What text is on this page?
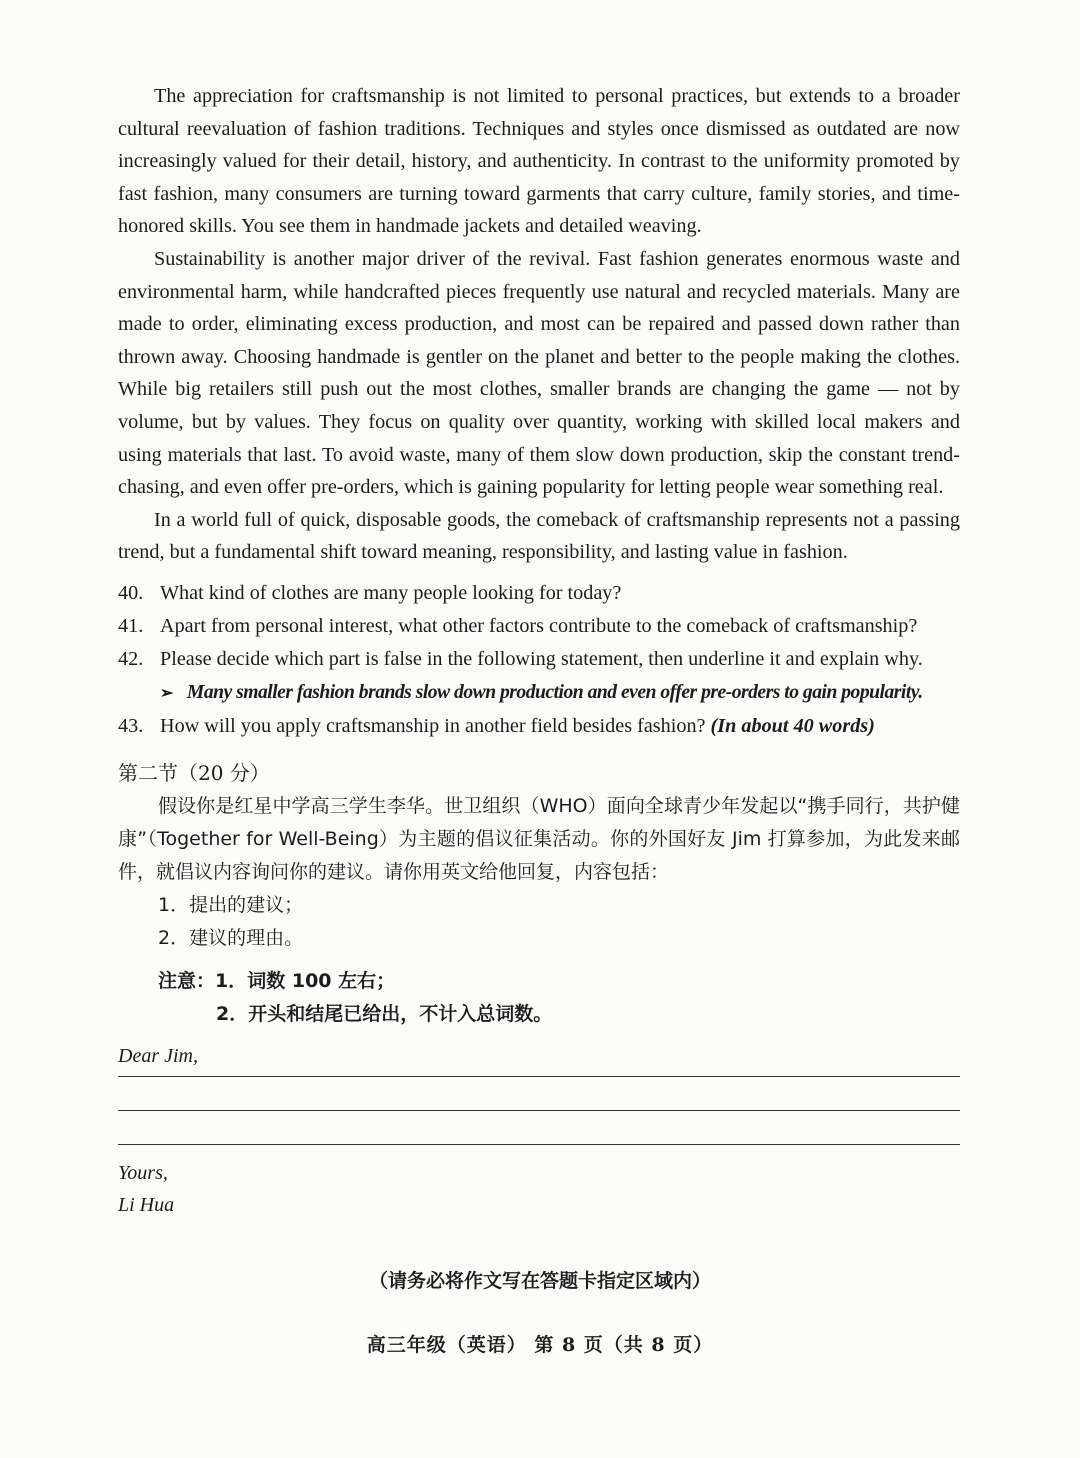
The appreciation for craftsmanship is not limited to personal practices, but extends to a broader cultural reevaluation of fashion traditions. Techniques and styles once dismissed as outdated are now increasingly valued for their detail, history, and authenticity. In contrast to the uniformity promoted by fast fashion, many consumers are turning toward garments that carry culture, family stories, and time-honored skills. You see them in handmade jackets and detailed weaving.

Sustainability is another major driver of the revival. Fast fashion generates enormous waste and environmental harm, while handcrafted pieces frequently use natural and recycled materials. Many are made to order, eliminating excess production, and most can be repaired and passed down rather than thrown away. Choosing handmade is gentler on the planet and better to the people making the clothes. While big retailers still push out the most clothes, smaller brands are changing the game — not by volume, but by values. They focus on quality over quantity, working with skilled local makers and using materials that last. To avoid waste, many of them slow down production, skip the constant trend-chasing, and even offer pre-orders, which is gaining popularity for letting people wear something real.

In a world full of quick, disposable goods, the comeback of craftsmanship represents not a passing trend, but a fundamental shift toward meaning, responsibility, and lasting value in fashion.

40. What kind of clothes are many people looking for today?

41. Apart from personal interest, what other factors contribute to the comeback of craftsmanship?

42. Please decide which part is false in the following statement, then underline it and explain why.

➢ Many smaller fashion brands slow down production and even offer pre-orders to gain popularity.

43. How will you apply craftsmanship in another field besides fashion? (In about 40 words)

第二节（20 分）

假设你是红星中学高三学生李华。世卫组织（WHO）面向全球青少年发起以“携手同行，共护健康”（Together for Well-Being）为主题的倡议征集活动。你的外国好友 Jim 打算参加，为此发来邮件，就倡议内容询问你的建议。请你用英文给他回复，内容包括：

1．提出的建议；

2．建议的理由。

注意：1．词数 100 左右；

2．开头和结尾已给出，不计入总词数。

Dear Jim,

Yours,

Li Hua

（请务必将作文写在答题卡指定区域内）
高三年级（英语） 第 8 页（共 8 页）
